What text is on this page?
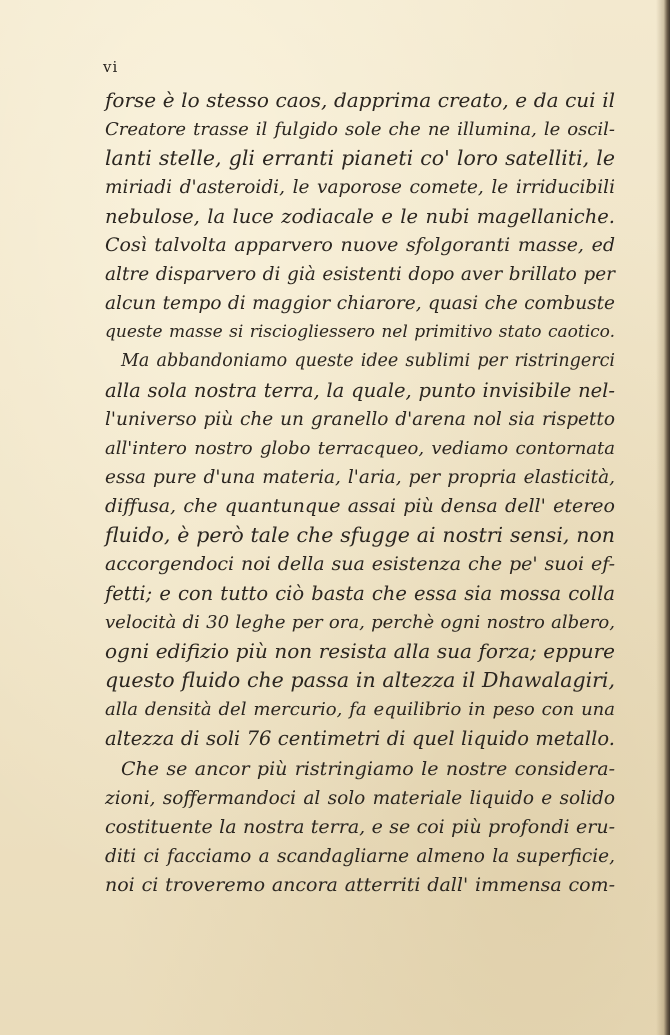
vi
forse è lo stesso caos, dapprima creato, e da cui il
Creatore trasse il fulgido sole che ne illumina, le oscil-
lanti stelle, gli erranti pianeti co' loro satelliti, le
miriadi d'asteroidi, le vaporose comete, le irriducibili
nebulose, la luce zodiacale e le nubi magellaniche.
Così talvolta apparvero nuove sfolgoranti masse, ed
altre disparvero di già esistenti dopo aver brillato per
alcun tempo di maggior chiarore, quasi che combuste
queste masse si risciogliessero nel primitivo stato caotico.
Ma abbandoniamo queste idee sublimi per ristringerci
alla sola nostra terra, la quale, punto invisibile nel-
l'universo più che un granello d'arena nol sia rispetto
all'intero nostro globo terracqueo, vediamo contornata
essa pure d'una materia, l'aria, per propria elasticità,
diffusa, che quantunque assai più densa dell' etereo
fluido, è però tale che sfugge ai nostri sensi, non
accorgendoci noi della sua esistenza che pe' suoi ef-
fetti; e con tutto ciò basta che essa sia mossa colla
velocità di 30 leghe per ora, perchè ogni nostro albero,
ogni edifizio più non resista alla sua forza; eppure
questo fluido che passa in altezza il Dhawalagiri,
alla densità del mercurio, fa equilibrio in peso con una
altezza di soli 76 centimetri di quel liquido metallo.
Che se ancor più ristringiamo le nostre considera-
zioni, soffermandoci al solo materiale liquido e solido
costituente la nostra terra, e se coi più profondi eru-
diti ci facciamo a scandagliarne almeno la superficie,
noi ci troveremo ancora atterriti dall' immensa com-
